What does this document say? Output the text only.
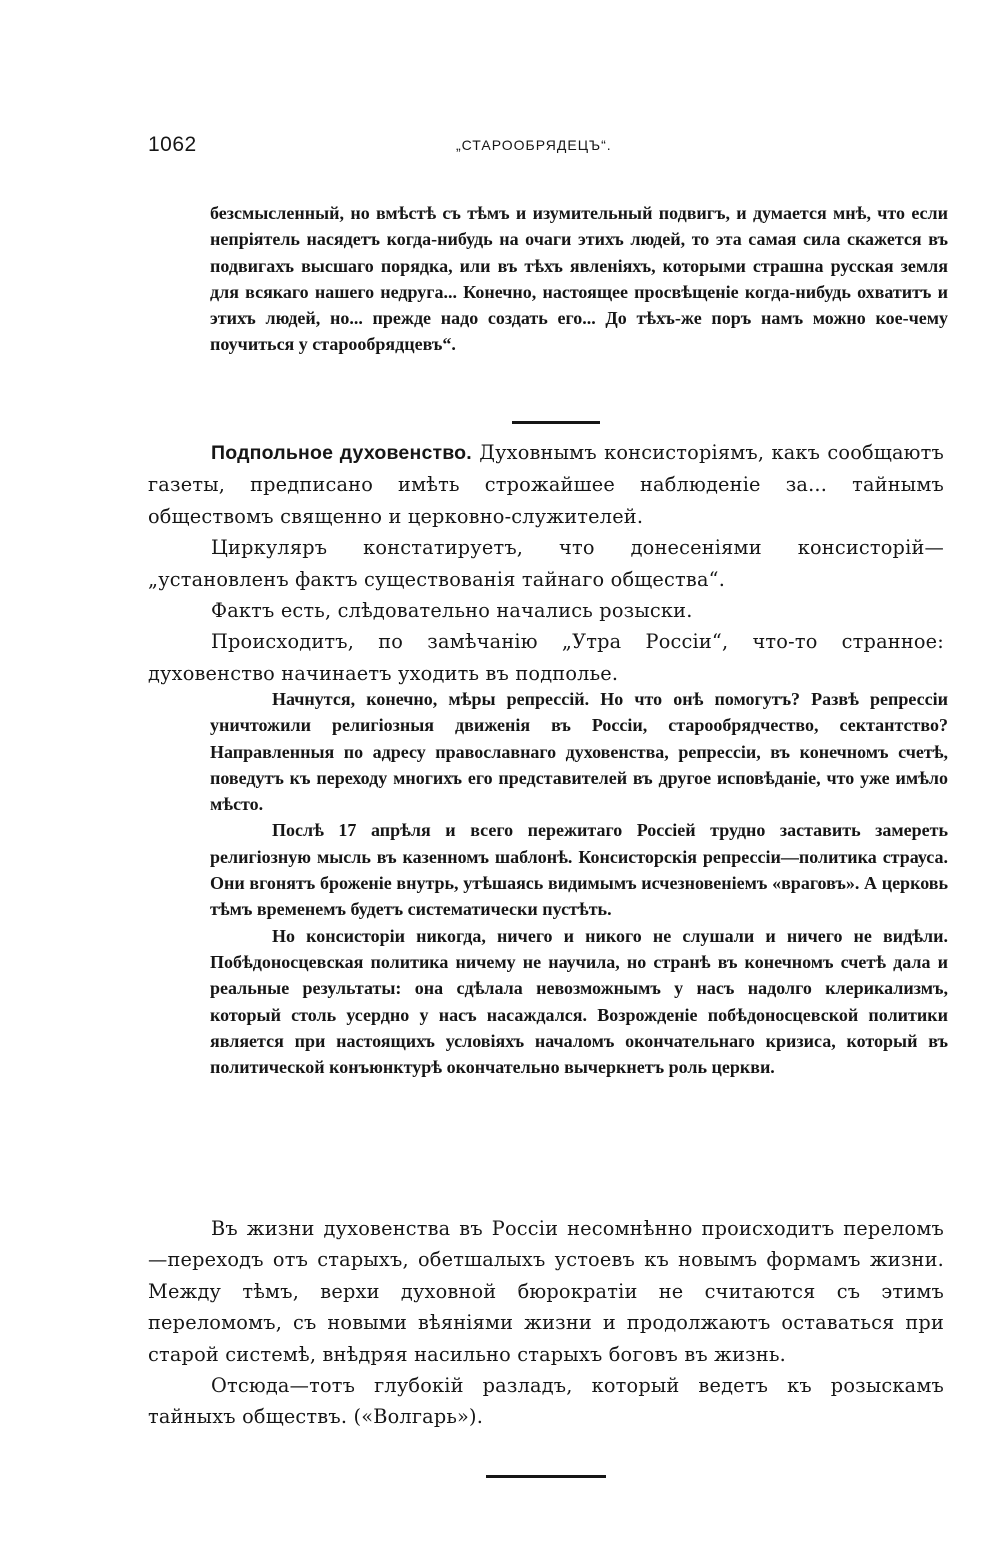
1062	„СТАРООБРЯДЕЦЪ“.

безсмысленный, но вмѣстѣ съ тѣмъ и изумительный подвигъ, и думается мнѣ, что если непріятель насядетъ когда-нибудь на очаги этихъ людей, то эта самая сила скажется въ подвигахъ высшаго порядка, или въ тѣхъ явленіяхъ, которыми страшна русская земля для всякаго нашего недруга... Конечно, настоящее просвѣщеніе когда-нибудь охватитъ и этихъ людей, но... прежде надо создать его... До тѣхъ-же поръ намъ можно кое-чему поучиться у старообрядцевъ“.

Подпольное духовенство. Духовнымъ консисторіямъ, какъ сообщаютъ газеты, предписано имѣть строжайшее наблюденіе за... тайнымъ обществомъ священно и церковно-служителей.

Циркуляръ констатируетъ, что донесеніями консисторій— „установленъ фактъ существованія тайнаго общества“.

Фактъ есть, слѣдовательно начались розыски.

Происходитъ, по замѣчанію „Утра Россіи“, что-то странное: духовенство начинаетъ уходить въ подполье.

Начнутся, конечно, мѣры репрессій. Но что онѣ помогутъ? Развѣ репрессіи уничтожили религіозныя движенія въ Россіи, старообрядчество, сектантство? Направленныя по адресу православнаго духовенства, репрессіи, въ конечномъ счетѣ, поведутъ къ переходу многихъ его представителей въ другое исповѣданіе, что уже имѣло мѣсто.

Послѣ 17 апрѣля и всего пережитаго Россіей трудно заставить замереть религіозную мысль въ казенномъ шаблонѣ. Консисторскія репрессіи—политика страуса. Они вгонятъ броженіе внутрь, утѣшаясь видимымъ исчезновеніемъ «враговъ». А церковь тѣмъ временемъ будетъ систематически пустѣть.

Но консисторіи никогда, ничего и никого не слушали и ничего не видѣли. Побѣдоносцевская политика ничему не научила, но странѣ въ конечномъ счетѣ дала и реальные результаты: она сдѣлала невозможнымъ у насъ надолго клерикализмъ, который столь усердно у насъ насаждался. Возрожденіе побѣдоносцевской политики является при настоящихъ условіяхъ началомъ окончательнаго кризиса, который въ политической конъюнктурѣ окончательно вычеркнетъ роль церкви.

Въ жизни духовенства въ Россіи несомнѣнно происходитъ переломъ—переходъ отъ старыхъ, обетшалыхъ устоевъ къ новымъ формамъ жизни. Между тѣмъ, верхи духовной бюрократіи не считаются съ этимъ переломомъ, съ новыми вѣяніями жизни и продолжаютъ оставаться при старой системѣ, внѣдряя насильно старыхъ боговъ въ жизнь.

Отсюда—тотъ глубокій разладъ, который ведетъ къ розыскамъ тайныхъ обществъ. («Волгарь»).
